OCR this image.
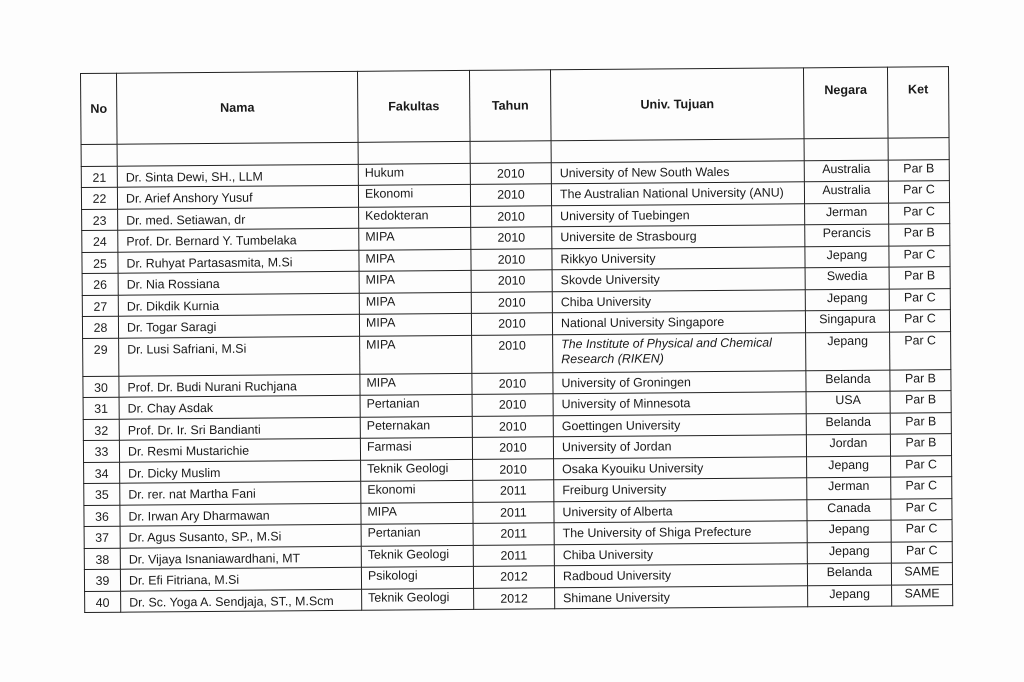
No	Nama	Fakultas	Tahun	Univ. Tujuan	Negara	Ket

21	Dr. Sinta Dewi, SH., LLM	Hukum	2010	University of New South Wales	Australia	Par B
22	Dr. Arief Anshory Yusuf	Ekonomi	2010	The Australian National University (ANU)	Australia	Par C
23	Dr. med. Setiawan, dr	Kedokteran	2010	University of Tuebingen	Jerman	Par C
24	Prof. Dr. Bernard Y. Tumbelaka	MIPA	2010	Universite de Strasbourg	Perancis	Par B
25	Dr. Ruhyat Partasasmita, M.Si	MIPA	2010	Rikkyo University	Jepang	Par C
26	Dr. Nia Rossiana	MIPA	2010	Skovde University	Swedia	Par B
27	Dr. Dikdik Kurnia	MIPA	2010	Chiba University	Jepang	Par C
28	Dr. Togar Saragi	MIPA	2010	National University Singapore	Singapura	Par C
29	Dr. Lusi Safriani, M.Si	MIPA	2010	The Institute of Physical and Chemical Research (RIKEN)	Jepang	Par C
30	Prof. Dr. Budi Nurani Ruchjana	MIPA	2010	University of Groningen	Belanda	Par B
31	Dr. Chay Asdak	Pertanian	2010	University of Minnesota	USA	Par B
32	Prof. Dr. Ir. Sri Bandianti	Peternakan	2010	Goettingen University	Belanda	Par B
33	Dr. Resmi Mustarichie	Farmasi	2010	University of Jordan	Jordan	Par B
34	Dr. Dicky Muslim	Teknik Geologi	2010	Osaka Kyouiku University	Jepang	Par C
35	Dr. rer. nat Martha Fani	Ekonomi	2011	Freiburg University	Jerman	Par C
36	Dr. Irwan Ary Dharmawan	MIPA	2011	University of Alberta	Canada	Par C
37	Dr. Agus Susanto, SP., M.Si	Pertanian	2011	The University of Shiga Prefecture	Jepang	Par C
38	Dr. Vijaya Isnaniawardhani, MT	Teknik Geologi	2011	Chiba University	Jepang	Par C
39	Dr. Efi Fitriana, M.Si	Psikologi	2012	Radboud University	Belanda	SAME
40	Dr. Sc. Yoga A. Sendjaja, ST., M.Scm	Teknik Geologi	2012	Shimane University	Jepang	SAME
